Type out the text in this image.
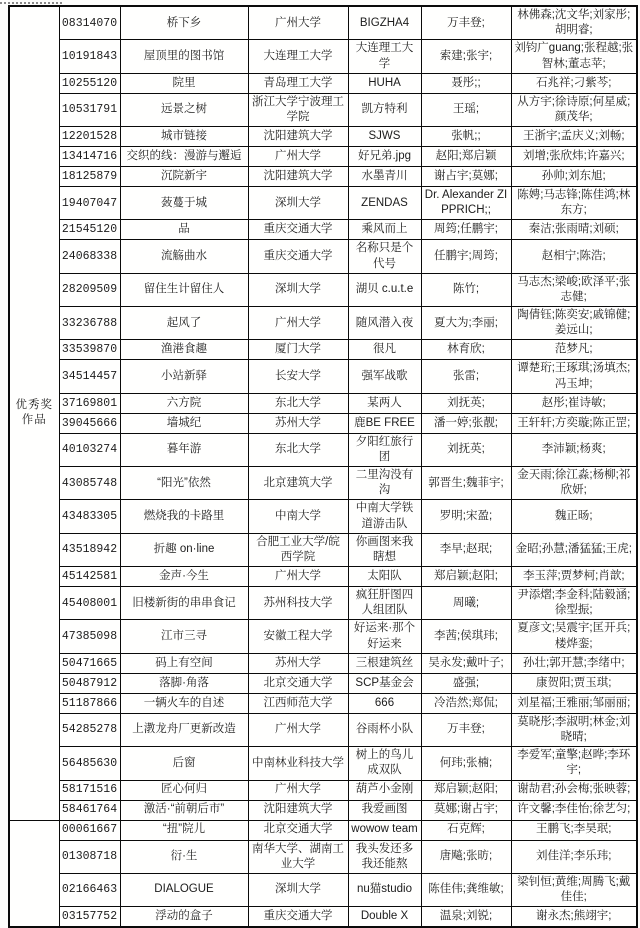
优秀奖作品	08314070	桥下乡	广州大学	BIGZHA4	万丰登;	林佛森;沈文华;刘家彤;胡明睿;
	10191843	屋顶里的图书馆	大连理工大学	大连理工大学	索建;张宇;	刘钧广guang;张程越;张智林;董志苹;
	10255120	院里	青岛理工大学	HUHA	聂彤;;	石兆祥;刁紫芩;
	10531791	远景之树	浙江大学宁波理工学院	凯方特利	王瑶;	从方宇;徐诗原;何星威;颜茂华;
	12201528	城市链接	沈阳建筑大学	SJWS	张帆;;	王浙宇;孟庆义;刘畅;
	13414716	交织的线：漫游与邂逅	广州大学	好兄弟.jpg	赵阳;郑启颖	刘增;张欣炜;许嘉兴;
	18125879	沉院新宇	沈阳建筑大学	水墨青川	谢占宇;莫娜;	孙帅;刘东旭;
	19407047	蔹蔓于城	深圳大学	ZENDAS	Dr. Alexander ZIPPRICH;;	陈娉;马志锋;陈佳鸿;林东方;
	21545120	品	重庆交通大学	乘风而上	周筠;任鹏宇;	秦洁;张雨晴;刘硕;
	24068338	流觞曲水	重庆交通大学	名称只是个代号	任鹏宇;周筠;	赵相宁;陈浩;
	28209509	留住生计留住人	深圳大学	湖贝 c.u.t.e	陈竹;	马志杰;梁峻;欧泽平;张志健;
	33236788	起风了	广州大学	随风潜入夜	夏大为;李丽;	陶倩钰;陈奕安;戚锦健;姜远山;
	33539870	渔港食趣	厦门大学	很凡	林育欣;	范梦凡;
	34514457	小站新驿	长安大学	强军战歌	张雷;	谭楚珩;王琢琪;汤填杰;冯玉坤;
	37169801	六方院	东北大学	某两人	刘抚英;	赵彤;崔诗敏;
	39045666	墙城纪	苏州大学	鹿BE FREE	潘一婷;张靓;	王轩轩;方奕璇;陈正罡;
	40103274	暮年游	东北大学	夕阳红旅行团	刘抚英;	李沛颖;杨爽;
	43085748	“阳光”依然	北京建筑大学	二里沟没有沟	郭晋生;魏菲宇;	金天雨;徐江淼;杨柳;祁欣妍;
	43483305	燃烧我的卡路里	中南大学	中南大学铁道游击队	罗明;宋盈;	魏正旸;
	43518942	折趣 on·line	合肥工业大学/皖西学院	你画图来我瞎想	李早;赵珉;	金昭;孙慧;潘猛猛;王虎;
	45142581	金声·今生	广州大学	太阳队	郑启颖;赵阳;	李玉萍;贾梦柯;肖歆;
	45408001	旧楼新街的串串食记	苏州科技大学	疯狂肝图四人组团队	周曦;	尹添熠;李金科;陆毅涵;徐型振;
	47385098	江市三寻	安徽工程大学	好运来·那个好运来	李茜;侯琪玮;	夏彦文;吴震宇;匡开兵;楼烨銮;
	50471665	码上有空间	苏州大学	三根建筑丝	吴永发;戴叶子;	孙壮;郭开慧;李绪中;
	50487912	落脚·角落	北京交通大学	SCP基金会	盛强;	康贺阳;贾玉琪;
	51187866	一辆火车的自述	江西师范大学	666	冷浩然;郑侃;	刘星福;王雅丽;邹丽丽;
	54285278	上漖龙舟厂更新改造	广州大学	谷雨杯小队	万丰登;	莫晓彤;李淑明;林金;刘晓晴;
	56485630	后窗	中南林业科技大学	树上的鸟儿成双队	何玮;张楠;	李爱军;童擎;赵晔;李环宇;
	58171516	匠心何归	广州大学	葫芦小金刚	郑启颖;赵阳;	谢劼君;孙会梅;张映蓉;
	58461764	激活·“前朝后市”	沈阳建筑大学	我爱画图	莫娜;谢占宇;	许文馨;李佳怡;徐艺匀;
	00061667	“扭”院儿	北京交通大学	wowow team	石克辉;	王鹏飞;李昊珉;
	01308718	衍·生	南华大学、湖南工业大学	我头发还多我还能熬	唐飚;张昉;	刘佳洋;李乐玮;
	02166463	DIALOGUE	深圳大学	nu猫studio	陈佳伟;龚维敏;	梁钊恒;黄维;周腾飞;戴佳佳;
	03157752	浮动的盒子	重庆交通大学	Double X	温泉;刘锐;	谢永杰;熊翊宇;
